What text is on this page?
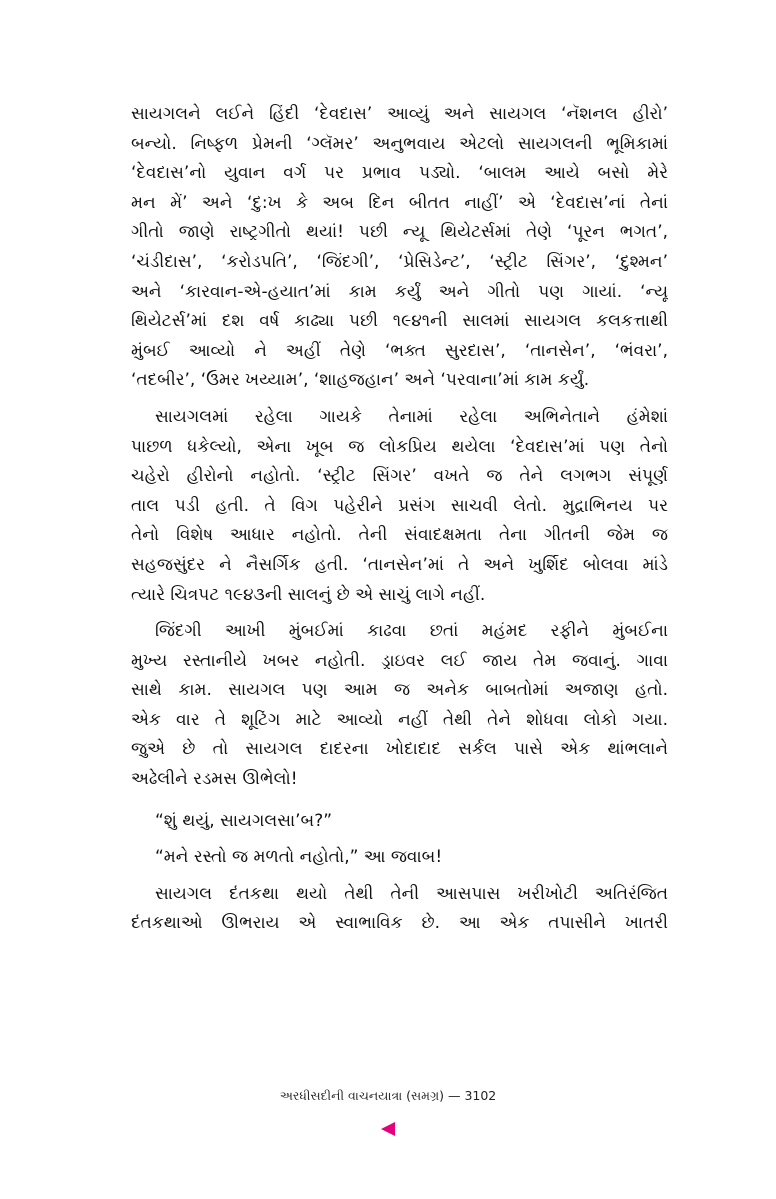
સાયગલને લઈને હિંદી ‘દેવદાસ’ આવ્યું અને સાયગલ ‘નૅશનલ હીરો’
બન્યો. નિષ્ફળ પ્રેમની ‘ગ્લૅમર’ અનુભવાય એટલો સાયગલની ભૂમિકામાં
‘દેવદાસ’નો યુવાન વર્ગ પર પ્રભાવ પડ્યો. ‘બાલમ આયે બસો મેરે
મન મેં’ અને ‘દુ:ખ કે અબ દિન બીતત નાહીં’ એ ‘દેવદાસ’નાં તેનાં
ગીતો જાણે રાષ્ટ્રગીતો થયાં! પછી ન્યૂ થિયેટર્સમાં તેણે ‘પૂરન ભગત’,
‘ચંડીદાસ’, ‘કરોડપતિ’, ‘જિંદગી’, ‘પ્રેસિડેન્ટ’, ‘સ્ટ્રીટ સિંગર’, ‘દુશ્મન’
અને ‘કારવાન-એ-હયાત’માં કામ કર્યું અને ગીતો પણ ગાયાં. ‘ન્યૂ
થિયેટર્સ’માં દશ વર્ષ કાઢ્યા પછી ૧૯૪૧ની સાલમાં સાયગલ કલકત્તાથી
મુંબઈ આવ્યો ને અહીં તેણે ‘ભક્ત સુરદાસ’, ‘તાનસેન’, ‘ભંવરા’,
‘તદબીર’, ‘ઉમર ખય્યામ’, ‘શાહજહાન’ અને ‘પરવાના’માં કામ કર્યું.
સાયગલમાં રહેલા ગાયકે તેનામાં રહેલા અભિનેતાને હંમેશાં
પાછળ ધકેલ્યો, એના ખૂબ જ લોકપ્રિય થયેલા ‘દેવદાસ’માં પણ તેનો
ચહેરો હીરોનો નહોતો. ‘સ્ટ્રીટ સિંગર’ વખતે જ તેને લગભગ સંપૂર્ણ
તાલ પડી હતી. તે વિગ પહેરીને પ્રસંગ સાચવી લેતો. મુદ્રાભિનય પર
તેનો વિશેષ આધાર નહોતો. તેની સંવાદક્ષમતા તેના ગીતની જેમ જ
સહજસુંદર ને નૈસર્ગિક હતી. ‘તાનસેન’માં તે અને ખુર્શિદ બોલવા માંડે
ત્યારે ચિત્રપટ ૧૯૪૩ની સાલનું છે એ સાચું લાગે નહીં.
જિંદગી આખી મુંબઈમાં કાઢવા છતાં મહંમદ રફીને મુંબઈના
મુખ્ય રસ્તાનીયે ખબર નહોતી. ડ્રાઇવર લઈ જાય તેમ જવાનું. ગાવા
સાથે કામ. સાયગલ પણ આમ જ અનેક બાબતોમાં અજાણ હતો.
એક વાર તે શૂટિંગ માટે આવ્યો નહીં તેથી તેને શોધવા લોકો ગયા.
જુએ છે તો સાયગલ દાદરના ખોદાદાદ સર્કલ પાસે એક થાંભલાને
અઢેલીને રડમસ ઊભેલો!
“શું થયું, સાયગલસા’બ?”
“મને રસ્તો જ મળતો નહોતો,” આ જવાબ!
સાયગલ દંતકથા થયો તેથી તેની આસપાસ ખરીખોટી અતિરંજિત
દંતકથાઓ ઊભરાય એ સ્વાભાવિક છે. આ એક તપાસીને ખાતરી
અરધીસદીની વાચનયાત્રા (સમગ્ર) — 3102
